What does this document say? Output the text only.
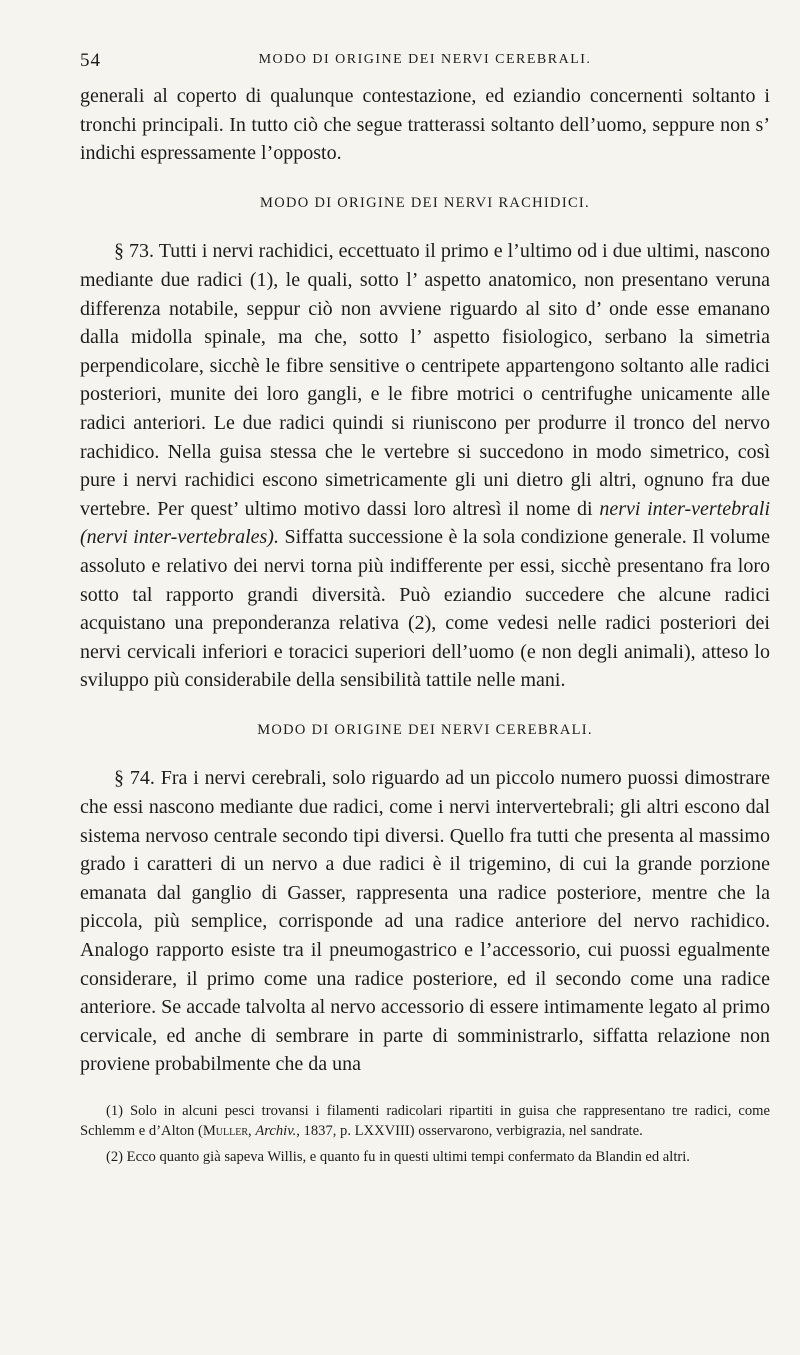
54	MODO DI ORIGINE DEI NERVI CEREBRALI.

generali al coperto di qualunque contestazione, ed eziandio concernenti soltanto i tronchi principali. In tutto ciò che segue tratterassi soltanto dell’uomo, seppure non s’ indichi espressamente l’opposto.

MODO DI ORIGINE DEI NERVI RACHIDICI.

§ 73. Tutti i nervi rachidici, eccettuato il primo e l’ultimo od i due ultimi, nascono mediante due radici (1), le quali, sotto l’ aspetto anatomico, non presentano veruna differenza notabile, seppur ciò non avviene riguardo al sito d’ onde esse emanano dalla midolla spinale, ma che, sotto l’ aspetto fisiologico, serbano la simetria perpendicolare, sicchè le fibre sensitive o centripete appartengono soltanto alle radici posteriori, munite dei loro gangli, e le fibre motrici o centrifughe unicamente alle radici anteriori. Le due radici quindi si riuniscono per produrre il tronco del nervo rachidico. Nella guisa stessa che le vertebre si succedono in modo simetrico, così pure i nervi rachidici escono simetricamente gli uni dietro gli altri, ognuno fra due vertebre. Per quest’ ultimo motivo dassi loro altresì il nome di nervi inter-vertebrali (nervi inter-vertebrales). Siffatta successione è la sola condizione generale. Il volume assoluto e relativo dei nervi torna più indifferente per essi, sicchè presentano fra loro sotto tal rapporto grandi diversità. Può eziandio succedere che alcune radici acquistano una preponderanza relativa (2), come vedesi nelle radici posteriori dei nervi cervicali inferiori e toracici superiori dell’uomo (e non degli animali), atteso lo sviluppo più considerabile della sensibilità tattile nelle mani.

MODO DI ORIGINE DEI NERVI CEREBRALI.

§ 74. Fra i nervi cerebrali, solo riguardo ad un piccolo numero puossi dimostrare che essi nascono mediante due radici, come i nervi intervertebrali; gli altri escono dal sistema nervoso centrale secondo tipi diversi. Quello fra tutti che presenta al massimo grado i caratteri di un nervo a due radici è il trigemino, di cui la grande porzione emanata dal ganglio di Gasser, rappresenta una radice posteriore, mentre che la piccola, più semplice, corrisponde ad una radice anteriore del nervo rachidico. Analogo rapporto esiste tra il pneumogastrico e l’accessorio, cui puossi egualmente considerare, il primo come una radice posteriore, ed il secondo come una radice anteriore. Se accade talvolta al nervo accessorio di essere intimamente legato al primo cervicale, ed anche di sembrare in parte di somministrarlo, siffatta relazione non proviene probabilmente che da una

(1) Solo in alcuni pesci trovansi i filamenti radicolari ripartiti in guisa che rappresentano tre radici, come Schlemm e d’Alton (Muller, Archiv., 1837, p. LXXVIII) osservarono, verbigrazia, nel sandrate.

(2) Ecco quanto già sapeva Willis, e quanto fu in questi ultimi tempi confermato da Blandin ed altri.
